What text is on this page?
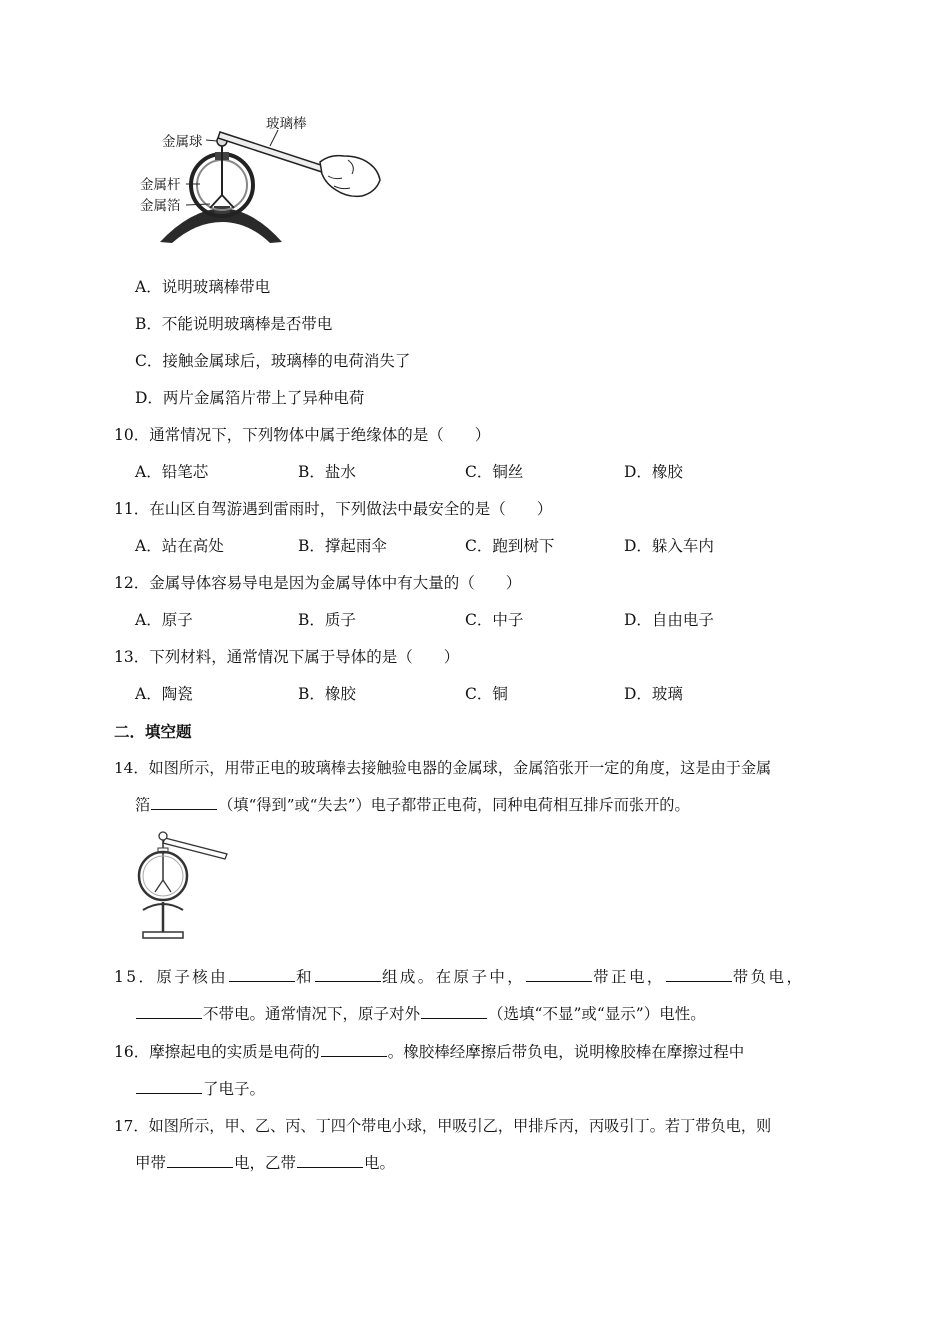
玻璃棒
金属球
金属杆
金属箔
A．说明玻璃棒带电
B．不能说明玻璃棒是否带电
C．接触金属球后，玻璃棒的电荷消失了
D．两片金属箔片带上了异种电荷
10．通常情况下，下列物体中属于绝缘体的是（　　）
A．铅笔芯	B．盐水	C．铜丝	D．橡胶
11．在山区自驾游遇到雷雨时，下列做法中最安全的是（　　）
A．站在高处	B．撑起雨伞	C．跑到树下	D．躲入车内
12．金属导体容易导电是因为金属导体中有大量的（　　）
A．原子	B．质子	C．中子	D．自由电子
13．下列材料，通常情况下属于导体的是（　　）
A．陶瓷	B．橡胶	C．铜	D．玻璃
二．填空题
14．如图所示，用带正电的玻璃棒去接触验电器的金属球，金属箔张开一定的角度，这是由于金属
箔	（填“得到”或“失去”）电子都带正电荷，同种电荷相互排斥而张开的。
15．原子核由	和	组成。在原子中，	带正电，	带负电，
不带电。通常情况下，原子对外	（选填“不显”或“显示”）电性。
16．摩擦起电的实质是电荷的	。橡胶棒经摩擦后带负电，说明橡胶棒在摩擦过程中
了电子。
17．如图所示，甲、乙、丙、丁四个带电小球，甲吸引乙，甲排斥丙，丙吸引丁。若丁带负电，则
甲带	电，乙带	电。
